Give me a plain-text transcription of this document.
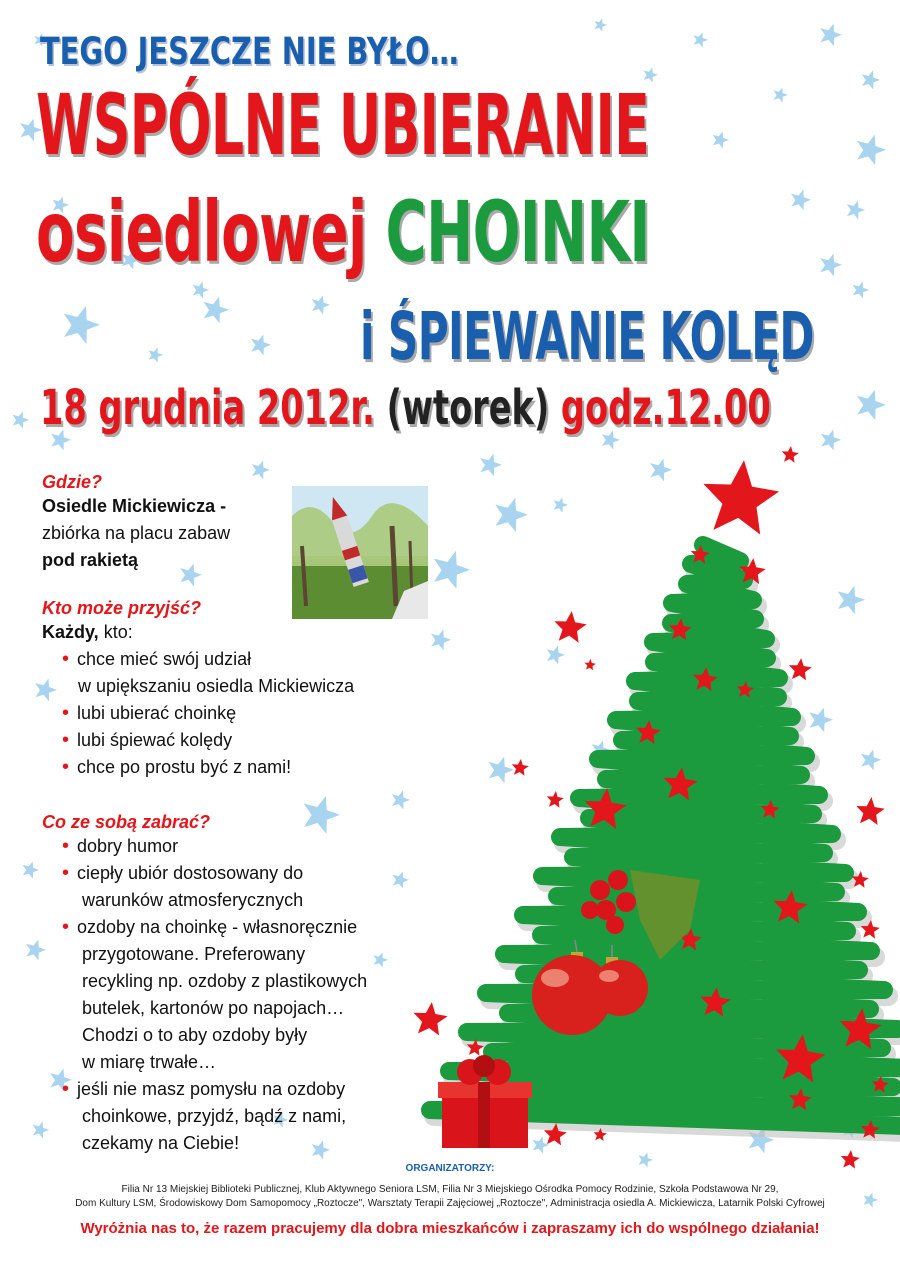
TEGO JESZCZE NIE BYŁO…
WSPÓLNE UBIERANIE
osiedlowej CHOINKI
i ŚPIEWANIE KOLĘD
18 grudnia 2012r. (wtorek) godz.12.00
Gdzie?
Osiedle Mickiewicza -
zbiórka na placu zabaw
pod rakietą
Kto może przyjść?
Każdy, kto:
• chce mieć swój udział
w upiększaniu osiedla Mickiewicza
• lubi ubierać choinkę
• lubi śpiewać kolędy
• chce po prostu być z nami!
Co ze sobą zabrać?
• dobry humor
• ciepły ubiór dostosowany do
warunków atmosferycznych
• ozdoby na choinkę - własnoręcznie
przygotowane. Preferowany
recykling np. ozdoby z plastikowych
butelek, kartonów po napojach…
Chodzi o to aby ozdoby były
w miarę trwałe…
• jeśli nie masz pomysłu na ozdoby
choinkowe, przyjdź, bądź z nami,
czekamy na Ciebie!
ORGANIZATORZY:
Filia Nr 13 Miejskiej Biblioteki Publicznej, Klub Aktywnego Seniora LSM, Filia Nr 3 Miejskiego Ośrodka Pomocy Rodzinie, Szkoła Podstawowa Nr 29,
Dom Kultury LSM, Środowiskowy Dom Samopomocy „Roztocze", Warsztaty Terapii Zajęciowej „Roztocze", Administracja osiedla A. Mickiewicza, Latarnik Polski Cyfrowej
Wyróżnia nas to, że razem pracujemy dla dobra mieszkańców i zapraszamy ich do wspólnego działania!
